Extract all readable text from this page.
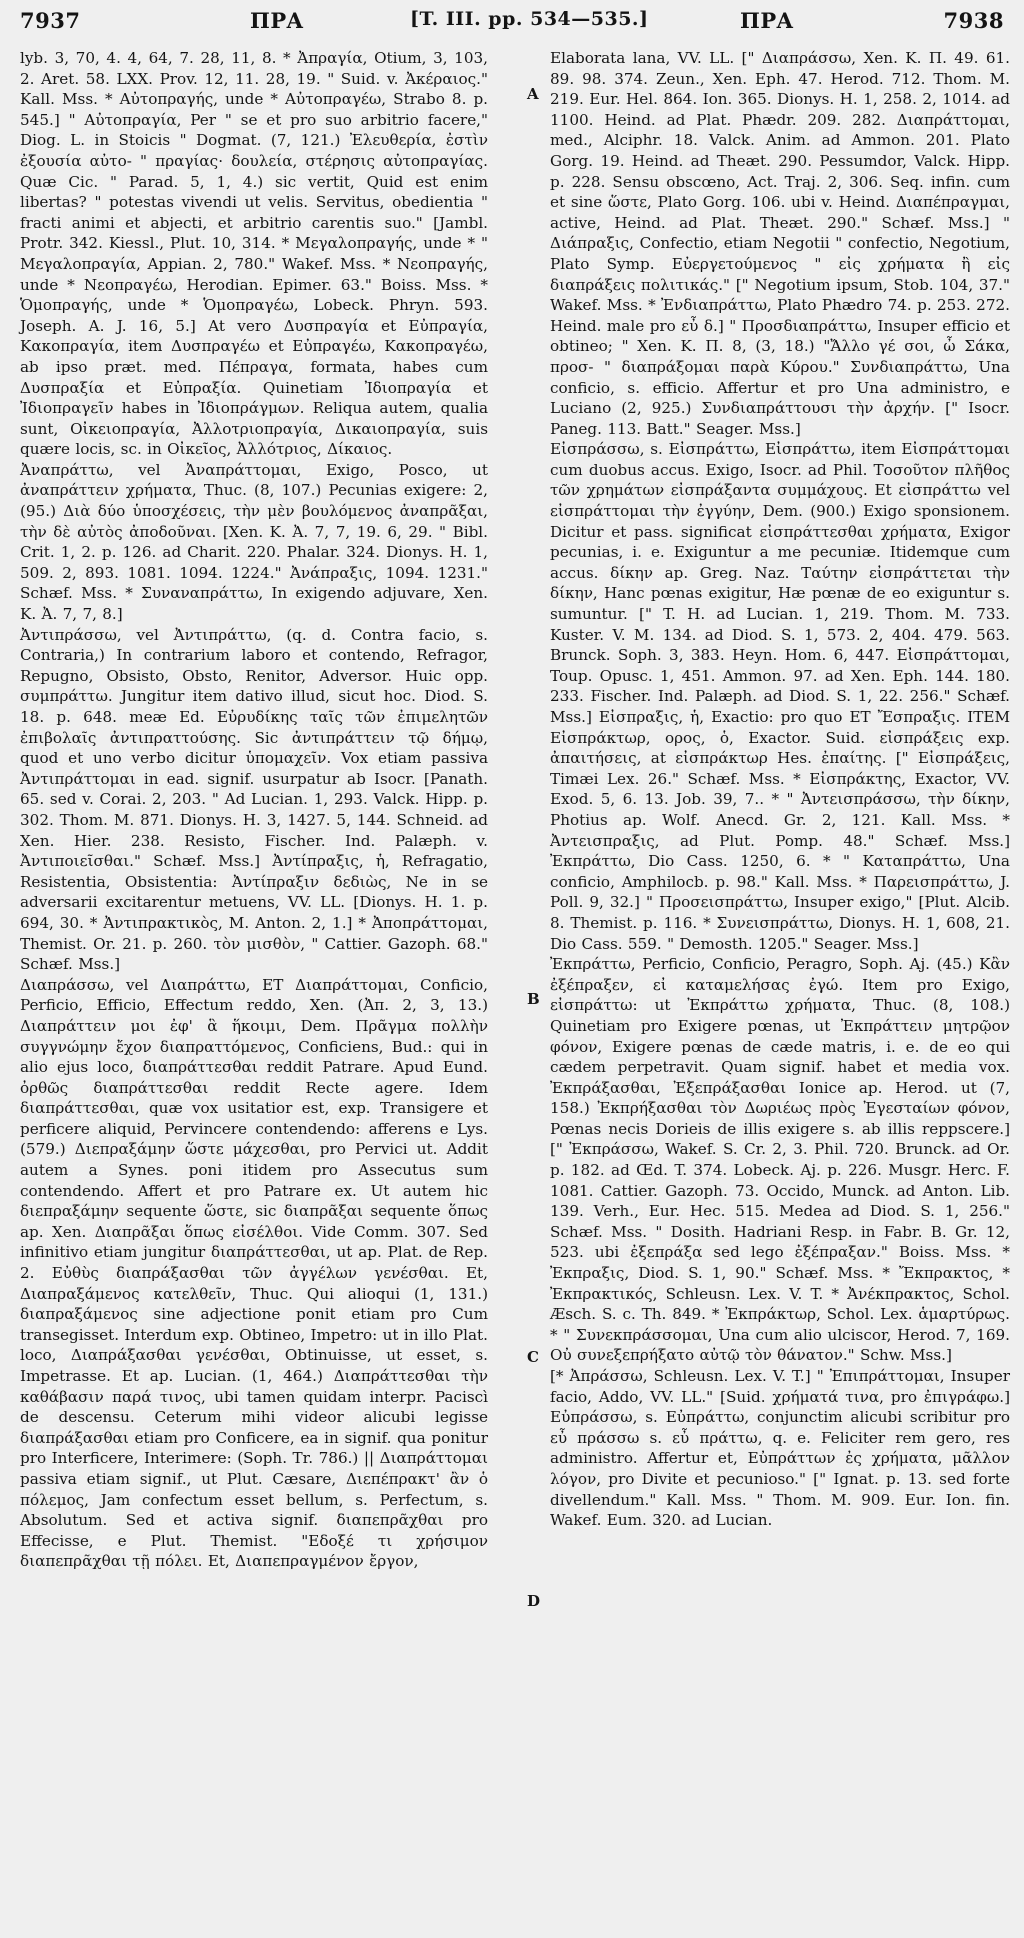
7937	ΠΡΑ	[T. III. pp. 534—535.]	ΠΡΑ	7938

lyb. 3, 70, 4. 4, 64, 7. 28, 11, 8. * Ἀπραγία, Otium, 3, 103, 2. Aret. 58. LXX. Prov. 12, 11. 28, 19. " Suid. v. Ἀκέραιος." Kall. Mss. * Αὐτοπραγής, unde * Αὐτοπραγέω, Strabo 8. p. 545.] " Αὐτοπραγία, Per " se et pro suo arbitrio facere," Diog. L. in Stoicis " Dogmat. (7, 121.) Ἐλευθερία, ἐστὶν ἐξουσία αὐτο- " πραγίας· δουλεία, στέρησις αὐτοπραγίας. Quæ Cic. " Parad. 5, 1, 4.) sic vertit, Quid est enim libertas? " potestas vivendi ut velis. Servitus, obedientia " fracti animi et abjecti, et arbitrio carentis suo." [Jambl. Protr. 342. Kiessl., Plut. 10, 314. * Μεγαλοπραγής, unde * " Μεγαλοπραγία, Appian. 2, 780." Wakef. Mss. * Νεοπραγής, unde * Νεοπραγέω, Herodian. Epimer. 63." Boiss. Mss. * Ὁμοπραγής, unde * Ὁμοπραγέω, Lobeck. Phryn. 593. Joseph. A. J. 16, 5.] At vero Δυσπραγία et Εὐπραγία, Κακοπραγία, item Δυσπραγέω et Εὐπραγέω, Κακοπραγέω, ab ipso præt. med. Πέπραγα, formata, habes cum Δυσπραξία et Εὐπραξία. Quinetiam Ἰδιοπραγία et Ἰδιοπραγεῖν habes in Ἰδιοπράγμων. Reliqua autem, qualia sunt, Οἰκειοπραγία, Ἀλλοτριοπραγία, Δικαιοπραγία, suis quære locis, sc. in Οἰκεῖος, Ἀλλότριος, Δίκαιος.

Ἀναπράττω, vel Ἀναπράττομαι, Exigo, Posco, ut ἀναπράττειν χρήματα, Thuc. (8, 107.) Pecunias exigere: 2, (95.) Διὰ δύο ὑποσχέσεις, τὴν μὲν βουλόμενος ἀναπρᾶξαι, τὴν δὲ αὐτὸς ἀποδοῦναι. [Xen. K. Ἀ. 7, 7, 19. 6, 29. " Bibl. Crit. 1, 2. p. 126. ad Charit. 220. Phalar. 324. Dionys. H. 1, 509. 2, 893. 1081. 1094. 1224." Ἀνάπραξις, 1094. 1231." Schæf. Mss. * Συναναπράττω, In exigendo adjuvare, Xen. K. Ἀ. 7, 7, 8.]

Ἀντιπράσσω, vel Ἀντιπράττω, (q. d. Contra facio, s. Contraria,) In contrarium laboro et contendo, Refragor, Repugno, Obsisto, Obsto, Renitor, Adversor. Huic opp. συμπράττω. Jungitur item dativo illud, sicut hoc. Diod. S. 18. p. 648. meæ Ed. Εὐρυδίκης ταῖς τῶν ἐπιμελητῶν ἐπιβολαῖς ἀντιπραττούσης. Sic ἀντιπράττειν τῷ δήμῳ, quod et uno verbo dicitur ὑπομαχεῖν. Vox etiam passiva Ἀντιπράττομαι in ead. signif. usurpatur ab Isocr. [Panath. 65. sed v. Corai. 2, 203. " Ad Lucian. 1, 293. Valck. Hipp. p. 302. Thom. M. 871. Dionys. H. 3, 1427. 5, 144. Schneid. ad Xen. Hier. 238. Resisto, Fischer. Ind. Palæph. v. Ἀντιποιεῖσθαι." Schæf. Mss.] Ἀντίπραξις, ἡ, Refragatio, Resistentia, Obsistentia: Ἀντίπραξιν δεδιὼς, Ne in se adversarii excitarentur metuens, VV. LL. [Dionys. H. 1. p. 694, 30. * Ἀντιπρακτικὸς, M. Anton. 2, 1.] * Ἀποπράττομαι, Themist. Or. 21. p. 260. τὸν μισθὸν, " Cattier. Gazoph. 68." Schæf. Mss.]

Διαπράσσω, vel Διαπράττω, ET Διαπράττομαι, Conficio, Perficio, Efficio, Effectum reddo, Xen. (Ἀπ. 2, 3, 13.) Διαπράττειν μοι ἐφ' ἃ ἥκοιμι, Dem. Πρᾶγμα πολλὴν συγγνώμην ἔχον διαπραττόμενος, Conficiens, Bud.: qui in alio ejus loco, διαπράττεσθαι reddit Patrare. Apud Eund. ὀρθῶς διαπράττεσθαι reddit Recte agere. Idem διαπράττεσθαι, quæ vox usitatior est, exp. Transigere et perficere aliquid, Pervincere contendendo: afferens e Lys. (579.) Διεπραξάμην ὥστε μάχεσθαι, pro Pervici ut. Addit autem a Synes. poni itidem pro Assecutus sum contendendo. Affert et pro Patrare ex. Ut autem hic διεπραξάμην sequente ὥστε, sic διαπρᾶξαι sequente ὅπως ap. Xen. Διαπρᾶξαι ὅπως εἰσέλθοι. Vide Comm. 307. Sed infinitivo etiam jungitur διαπράττεσθαι, ut ap. Plat. de Rep. 2. Εὐθὺς διαπράξασθαι τῶν ἀγγέλων γενέσθαι. Et, Διαπραξάμενος κατελθεῖν, Thuc. Qui alioqui (1, 131.) διαπραξάμενος sine adjectione ponit etiam pro Cum transegisset. Interdum exp. Obtineo, Impetro: ut in illo Plat. loco, Διαπράξασθαι γενέσθαι, Obtinuisse, ut esset, s. Impetrasse. Et ap. Lucian. (1, 464.) Διαπράττεσθαι τὴν καθάβασιν παρά τινος, ubi tamen quidam interpr. Paciscì de descensu. Ceterum mihi videor alicubi legisse διαπράξασθαι etiam pro Conficere, ea in signif. qua ponitur pro Interficere, Interimere: (Soph. Tr. 786.) || Διαπράττομαι passiva etiam signif., ut Plut. Cæsare, Διεπέπρακτ' ἂν ὁ πόλεμος, Jam confectum esset bellum, s. Perfectum, s. Absolutum. Sed et activa signif. διαπεπρᾶχθαι pro Effecisse, e Plut. Themist. "Εδοξέ τι χρήσιμον διαπεπρᾶχθαι τῇ πόλει. Et, Διαπεπραγμένον ἔργον,

A
B
C
D

Elaborata lana, VV. LL. [" Διαπράσσω, Xen. K. Π. 49. 61. 89. 98. 374. Zeun., Xen. Eph. 47. Herod. 712. Thom. M. 219. Eur. Hel. 864. Ion. 365. Dionys. H. 1, 258. 2, 1014. ad 1100. Heind. ad Plat. Phædr. 209. 282. Διαπράττομαι, med., Alciphr. 18. Valck. Anim. ad Ammon. 201. Plato Gorg. 19. Heind. ad Theæt. 290. Pessumdor, Valck. Hipp. p. 228. Sensu obscœno, Act. Traj. 2, 306. Seq. infin. cum et sine ὥστε, Plato Gorg. 106. ubi v. Heind. Διαπέπραγμαι, active, Heind. ad Plat. Theæt. 290." Schæf. Mss.] " Διάπραξις, Confectio, etiam Negotii " confectio, Negotium, Plato Symp. Εὐεργετούμενος " εἰς χρήματα ἢ εἰς διαπράξεις πολιτικάς." [" Negotium ipsum, Stob. 104, 37." Wakef. Mss. * Ἐνδιαπράττω, Plato Phædro 74. p. 253. 272. Heind. male pro εὖ δ.] " Προσδιαπράττω, Insuper efficio et obtineo; " Xen. K. Π. 8, (3, 18.) "Ἄλλο γέ σοι, ὦ Σάκα, προσ- " διαπράξομαι παρὰ Κύρου." Συνδιαπράττω, Una conficio, s. efficio. Affertur et pro Una administro, e Luciano (2, 925.) Συνδιαπράττουσι τὴν ἀρχήν. [" Isocr. Paneg. 113. Batt." Seager. Mss.]

Εἰσπράσσω, s. Εἰσπράττω, Εἰσπράττω, item Εἰσπράττομαι cum duobus accus. Exigo, Isocr. ad Phil. Τοσοῦτον πλῆθος τῶν χρημάτων εἰσπράξαντα συμμάχους. Et εἰσπράττω vel εἰσπράττομαι τὴν ἐγγύην, Dem. (900.) Exigo sponsionem. Dicitur et pass. significat εἰσπράττεσθαι χρήματα, Exigor pecunias, i. e. Exiguntur a me pecuniæ. Itidemque cum accus. δίκην ap. Greg. Naz. Ταύτην εἰσπράττεται τὴν δίκην, Hanc pœnas exigitur, Hæ pœnæ de eo exiguntur s. sumuntur. [" T. H. ad Lucian. 1, 219. Thom. M. 733. Kuster. V. M. 134. ad Diod. S. 1, 573. 2, 404. 479. 563. Brunck. Soph. 3, 383. Heyn. Hom. 6, 447. Εἰσπράττομαι, Toup. Opusc. 1, 451. Ammon. 97. ad Xen. Eph. 144. 180. 233. Fischer. Ind. Palæph. ad Diod. S. 1, 22. 256." Schæf. Mss.] Εἰσπραξις, ἡ, Exactio: pro quo ET Ἔσπραξις. ITEM Εἰσπράκτωρ, ορος, ὁ, Exactor. Suid. εἰσπράξεις exp. ἀπαιτήσεις, at εἰσπράκτωρ Hes. ἐπαίτης. [" Εἰσπράξεις, Timæi Lex. 26." Schæf. Mss. * Εἰσπράκτης, Exactor, VV. Exod. 5, 6. 13. Job. 39, 7.. * " Ἀντεισπράσσω, τὴν δίκην, Photius ap. Wolf. Anecd. Gr. 2, 121. Kall. Mss. * Ἀντεισπραξις, ad Plut. Pomp. 48." Schæf. Mss.] Ἐκπράττω, Dio Cass. 1250, 6. * " Καταπράττω, Una conficio, Amphilocb. p. 98." Kall. Mss. * Παρεισπράττω, J. Poll. 9, 32.] " Προσεισπράττω, Insuper exigo," [Plut. Alcib. 8. Themist. p. 116. * Συνεισπράττω, Dionys. H. 1, 608, 21. Dio Cass. 559. " Demosth. 1205." Seager. Mss.]

Ἐκπράττω, Perficio, Conficio, Peragro, Soph. Aj. (45.) Κἂν ἐξέπραξεν, εἰ καταμελήσας ἐγώ. Item pro Exigo, εἰσπράττω: ut Ἐκπράττω χρήματα, Thuc. (8, 108.) Quinetiam pro Exigere pœnas, ut Ἐκπράττειν μητρῷον φόνον, Exigere pœnas de cæde matris, i. e. de eo qui cædem perpetravit. Quam signif. habet et media vox. Ἐκπράξασθαι, Ἐξεπράξασθαι Ionice ap. Herod. ut (7, 158.) Ἐκπρήξασθαι τὸν Δωριέως πρὸς Ἐγεσταίων φόνον, Pœnas necis Dorieis de illis exigere s. ab illis reppscere.] [" Ἐκπράσσω, Wakef. S. Cr. 2, 3. Phil. 720. Brunck. ad Or. p. 182. ad Œd. T. 374. Lobeck. Aj. p. 226. Musgr. Herc. F. 1081. Cattier. Gazoph. 73. Occido, Munck. ad Anton. Lib. 139. Verh., Eur. Hec. 515. Medea ad Diod. S. 1, 256." Schæf. Mss. " Dosith. Hadriani Resp. in Fabr. B. Gr. 12, 523. ubi ἐξεπράξα sed lego ἐξέπραξαν." Boiss. Mss. * Ἐκπραξις, Diod. S. 1, 90." Schæf. Mss. * Ἔκπρακτος, * Ἐκπρακτικός, Schleusn. Lex. V. T. * Ἀνέκπρακτος, Schol. Æsch. S. c. Th. 849. * Ἐκπράκτωρ, Schol. Lex. ἁμαρτύρως. * " Συνεκπράσσομαι, Una cum alio ulciscor, Herod. 7, 169. Οὐ συνεξεπρήξατο αὐτῷ τὸν θάνατον." Schw. Mss.]

[* Ἀπράσσω, Schleusn. Lex. V. T.] " Ἐπιπράττομαι, Insuper facio, Addo, VV. LL." [Suid. χρήματά τινα, pro ἐπιγράφω.] Εὐπράσσω, s. Εὐπράττω, conjunctim alicubi scribitur pro εὖ πράσσω s. εὖ πράττω, q. e. Feliciter rem gero, res administro. Affertur et, Εὐπράττων ἐς χρήματα, μᾶλλον λόγον, pro Divite et pecunioso." [" Ignat. p. 13. sed forte divellendum." Kall. Mss. " Thom. M. 909. Eur. Ion. fin. Wakef. Eum. 320. ad Lucian.
